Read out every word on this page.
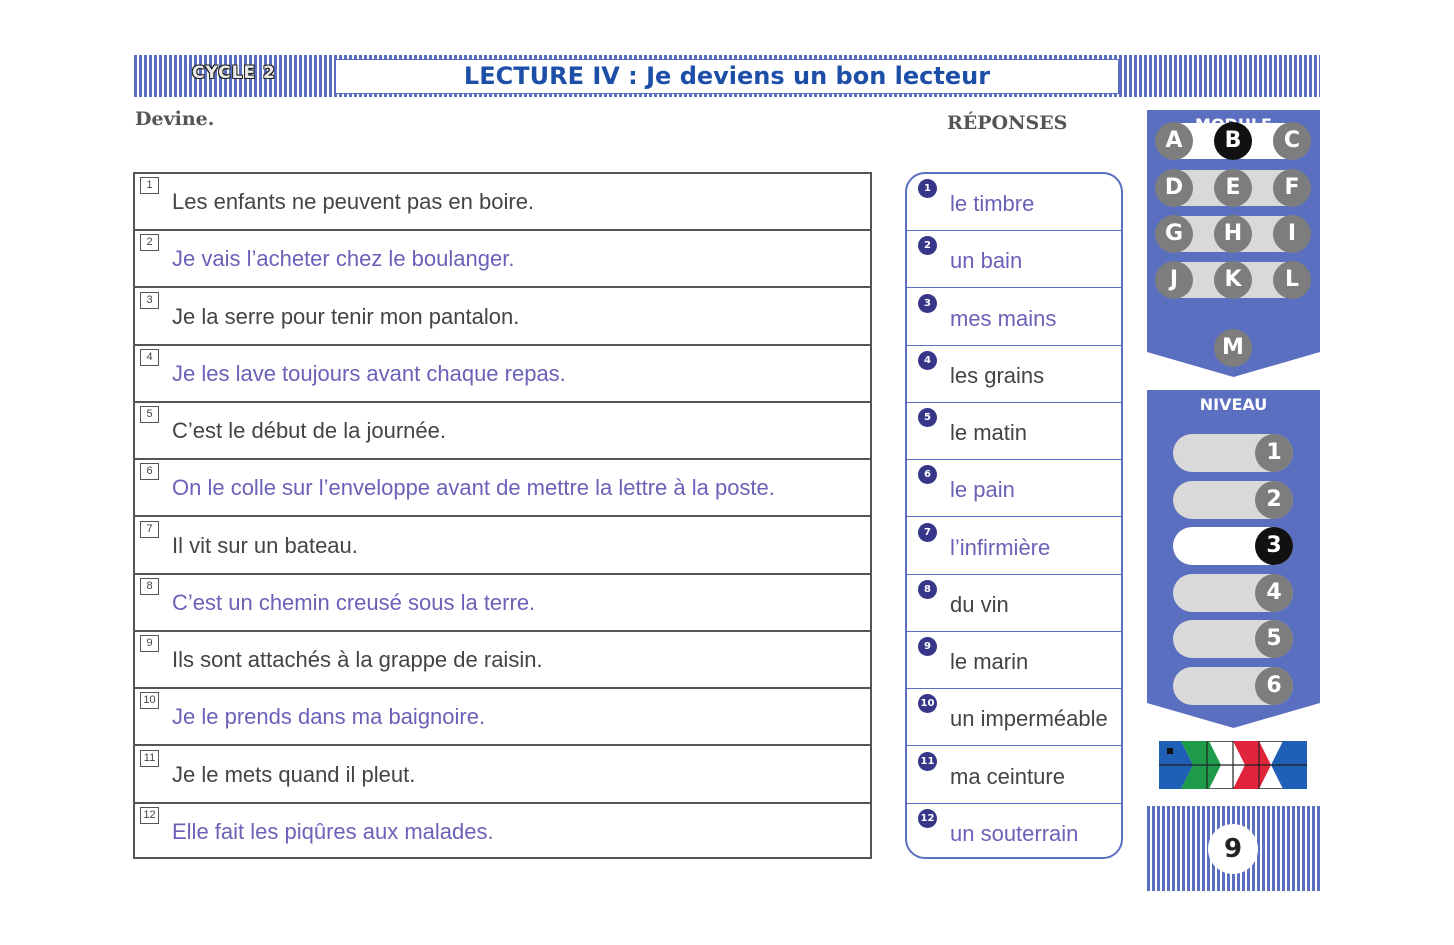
CYCLE 2	LECTURE IV : Je deviens un bon lecteur
Devine.	RÉPONSES
1
Les enfants ne peuvent pas en boire.
2
Je vais l’acheter chez le boulanger.
3
Je la serre pour tenir mon pantalon.
4
Je les lave toujours avant chaque repas.
5
C’est le début de la journée.
6
On le colle sur l’enveloppe avant de mettre la lettre à la poste.
7
Il vit sur un bateau.
8
C’est un chemin creusé sous la terre.
9
Ils sont attachés à la grappe de raisin.
10
Je le prends dans ma baignoire.
11
Je le mets quand il pleut.
12
Elle fait les piqûres aux malades.
1
le timbre
2
un bain
3
mes mains
4
les grains
5
le matin
6
le pain
7
l’infirmière
8
du vin
9
le marin
10
un imperméable
11
ma ceinture
12
un souterrain
A	B	C
D	E	F
G	H	I
J	K	L
M
NIVEAU
1
2
3
4
5
6
9
